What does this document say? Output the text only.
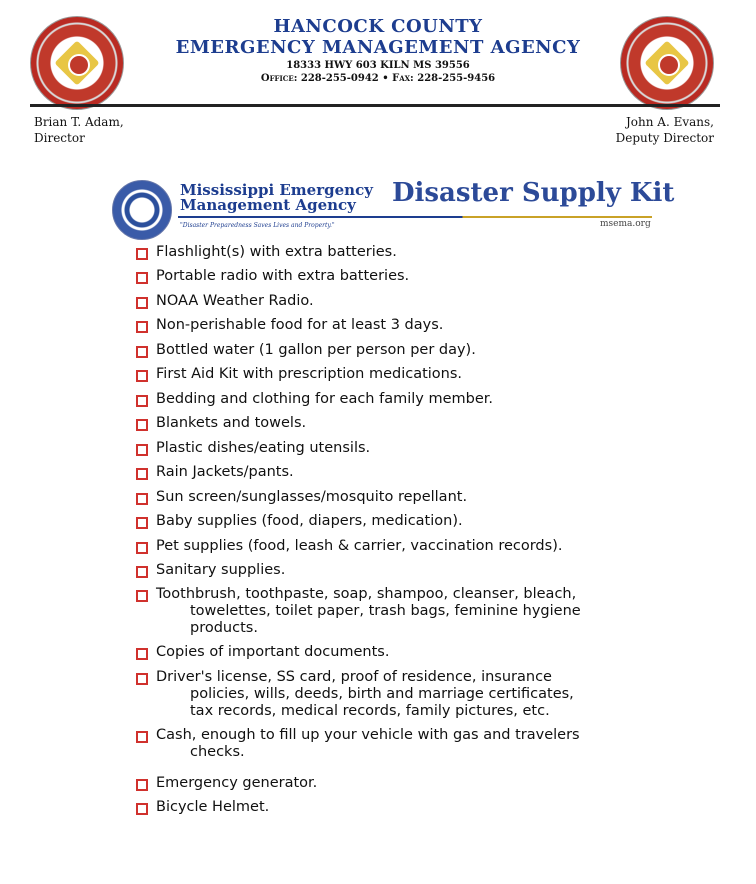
HANCOCK COUNTY
EMERGENCY MANAGEMENT AGENCY
18333 HWY 603 KILN MS 39556
Office: 228-255-0942 • Fax: 228-255-9456
Brian T. Adam,
Director
John A. Evans,
Deputy Director
Mississippi Emergency
Management Agency
"Disaster Preparedness Saves Lives and Property."
Disaster Supply Kit
msema.org
Flashlight(s) with extra batteries.
Portable radio with extra batteries.
NOAA Weather Radio.
Non-perishable food for at least 3 days.
Bottled water (1 gallon per person per day).
First Aid Kit with prescription medications.
Bedding and clothing for each family member.
Blankets and towels.
Plastic dishes/eating utensils.
Rain Jackets/pants.
Sun screen/sunglasses/mosquito repellant.
Baby supplies (food, diapers, medication).
Pet supplies (food, leash & carrier, vaccination records).
Sanitary supplies.
Toothbrush, toothpaste, soap, shampoo, cleanser, bleach,
towelettes, toilet paper, trash bags, feminine hygiene
products.
Copies of important documents.
Driver's license, SS card, proof of residence, insurance
policies, wills, deeds, birth and marriage certificates,
tax records, medical records, family pictures, etc.
Cash, enough to fill up your vehicle with gas and travelers
checks.
Emergency generator.
Bicycle Helmet.
